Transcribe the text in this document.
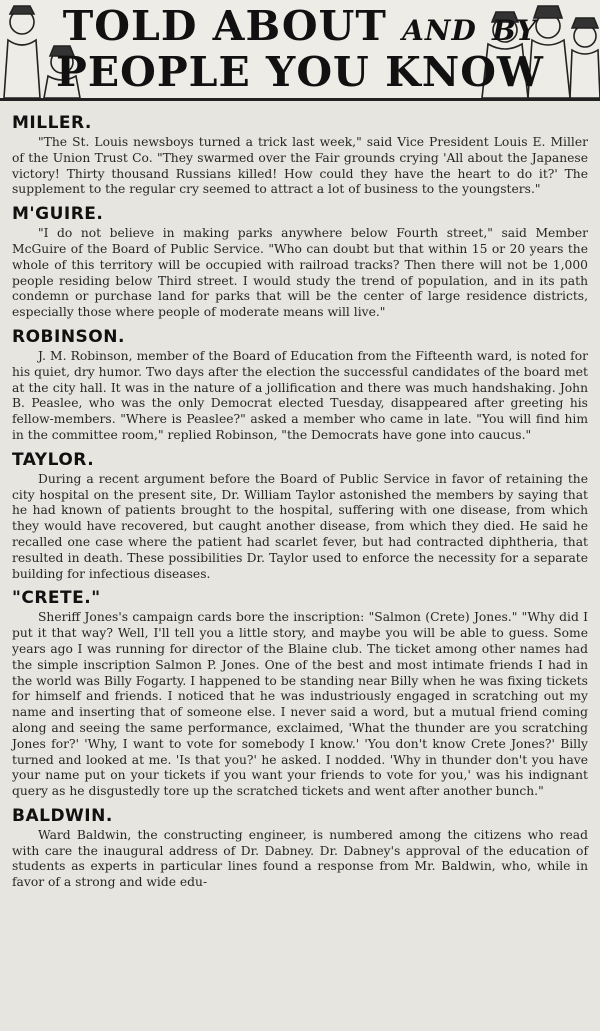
TOLD ABOUT AND BY
PEOPLE YOU KNOW
MILLER.

"The St. Louis newsboys turned a trick last week," said Vice President Louis E. Miller of the Union Trust Co. "They swarmed over the Fair grounds crying 'All about the Japanese victory! Thirty thousand Russians killed! How could they have the heart to do it?' The supplement to the regular cry seemed to attract a lot of business to the youngsters."

M'GUIRE.

"I do not believe in making parks anywhere below Fourth street," said Member McGuire of the Board of Public Service. "Who can doubt but that within 15 or 20 years the whole of this territory will be occupied with railroad tracks? Then there will not be 1,000 people residing below Third street. I would study the trend of population, and in its path condemn or purchase land for parks that will be the center of large residence districts, especially those where people of moderate means will live."

ROBINSON.

J. M. Robinson, member of the Board of Education from the Fifteenth ward, is noted for his quiet, dry humor. Two days after the election the successful candidates of the board met at the city hall. It was in the nature of a jollification and there was much handshaking. John B. Peaslee, who was the only Democrat elected Tuesday, disappeared after greeting his fellow-members. "Where is Peaslee?" asked a member who came in late. "You will find him in the committee room," replied Robinson, "the Democrats have gone into caucus."

TAYLOR.

During a recent argument before the Board of Public Service in favor of retaining the city hospital on the present site, Dr. William Taylor astonished the members by saying that he had known of patients brought to the hospital, suffering with one disease, from which they would have recovered, but caught another disease, from which they died. He said he recalled one case where the patient had scarlet fever, but had contracted diphtheria, that resulted in death. These possibilities Dr. Taylor used to enforce the necessity for a separate building for infectious diseases.

"CRETE."

Sheriff Jones's campaign cards bore the inscription: "Salmon (Crete) Jones." "Why did I put it that way? Well, I'll tell you a little story, and maybe you will be able to guess. Some years ago I was running for director of the Blaine club. The ticket among other names had the simple inscription Salmon P. Jones. One of the best and most intimate friends I had in the world was Billy Fogarty. I happened to be standing near Billy when he was fixing tickets for himself and friends. I noticed that he was industriously engaged in scratching out my name and inserting that of someone else. I never said a word, but a mutual friend coming along and seeing the same performance, exclaimed, 'What the thunder are you scratching Jones for?' 'Why, I want to vote for somebody I know.' 'You don't know Crete Jones?' Billy turned and looked at me. 'Is that you?' he asked. I nodded. 'Why in thunder don't you have your name put on your tickets if you want your friends to vote for you,' was his indignant query as he disgustedly tore up the scratched tickets and went after another bunch."

BALDWIN.

Ward Baldwin, the constructing engineer, is numbered among the citizens who read with care the inaugural address of Dr. Dabney. Dr. Dabney's approval of the education of students as experts in particular lines found a response from Mr. Baldwin, who, while in favor of a strong and wide edu-
